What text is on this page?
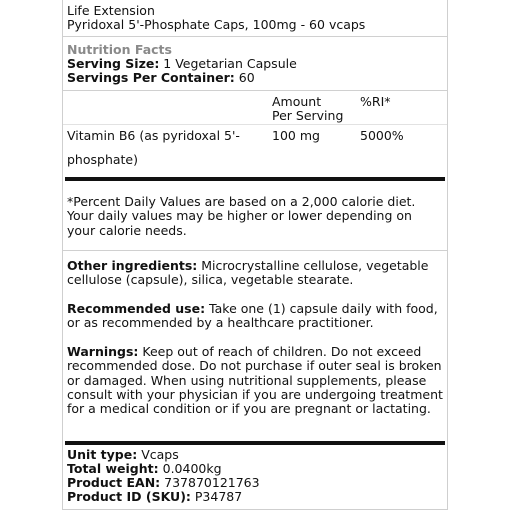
Life Extension
Pyridoxal 5'-Phosphate Caps, 100mg - 60 vcaps
Nutrition Facts
Serving Size: 1 Vegetarian Capsule
Servings Per Container: 60
Amount
Per Serving
%RI*
Vitamin B6 (as pyridoxal 5'-
phosphate)
100 mg	5000%
*Percent Daily Values are based on a 2,000 calorie diet. Your daily values may be higher or lower depending on your calorie needs.
Other ingredients: Microcrystalline cellulose, vegetable cellulose (capsule), silica, vegetable stearate.
Recommended use: Take one (1) capsule daily with food, or as recommended by a healthcare practitioner.
Warnings: Keep out of reach of children. Do not exceed recommended dose. Do not purchase if outer seal is broken or damaged. When using nutritional supplements, please consult with your physician if you are undergoing treatment for a medical condition or if you are pregnant or lactating.
Unit type: Vcaps
Total weight: 0.0400kg
Product EAN: 737870121763
Product ID (SKU): P34787
